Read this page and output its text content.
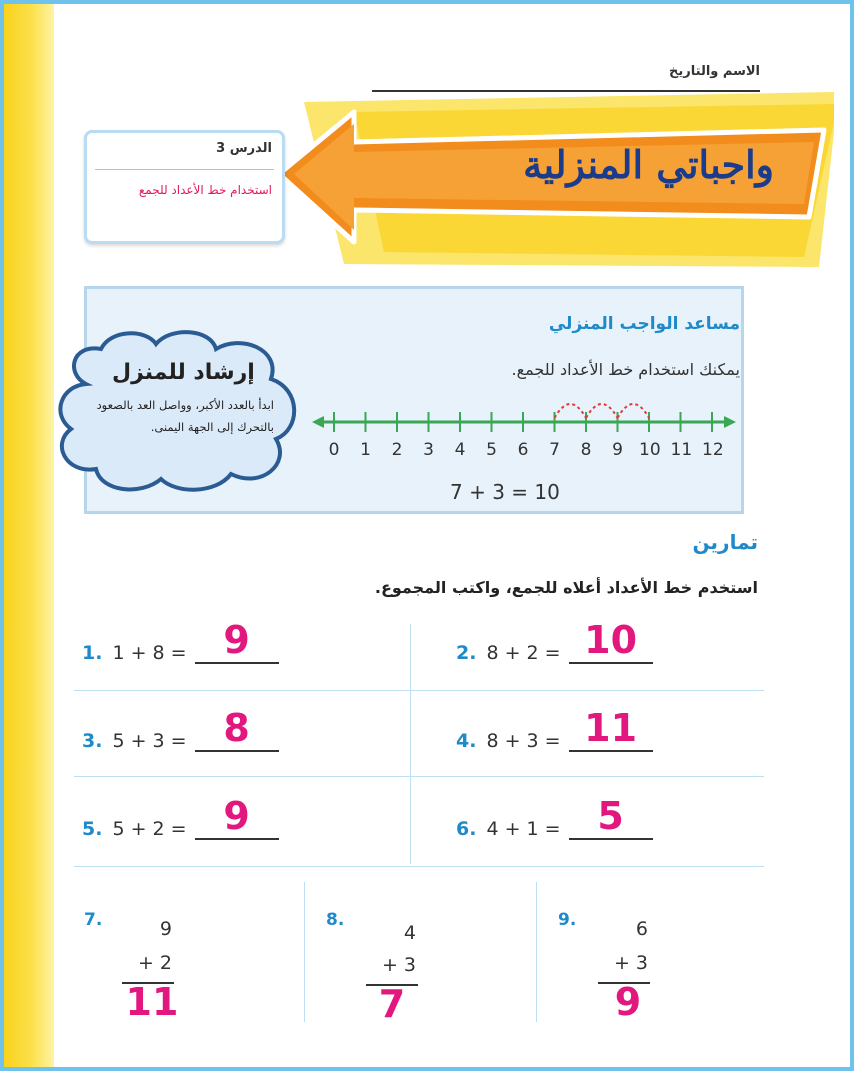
الاسم والتاريخ
الدرس 3
استخدام خط الأعداد للجمع
واجباتي المنزلية
مساعد الواجب المنزلي
يمكنك استخدام خط الأعداد للجمع.
إرشاد للمنزل
ابدأ بالعدد الأكبر، وواصل العد بالصعود بالتحرك إلى الجهة اليمنى.
0 1 2 3 4 5 6 7 8 9 10 11 12
7 + 3 = 10
تمارين
استخدم خط الأعداد أعلاه للجمع، واكتب المجموع.
1. 1 + 8 = 9	2. 8 + 2 = 10
3. 5 + 3 = 8	4. 8 + 3 = 11
5. 5 + 2 = 9	6. 4 + 1 = 5
7.	9
+ 2
11
8.
4
+ 3
7
9.	6
+ 3
9
